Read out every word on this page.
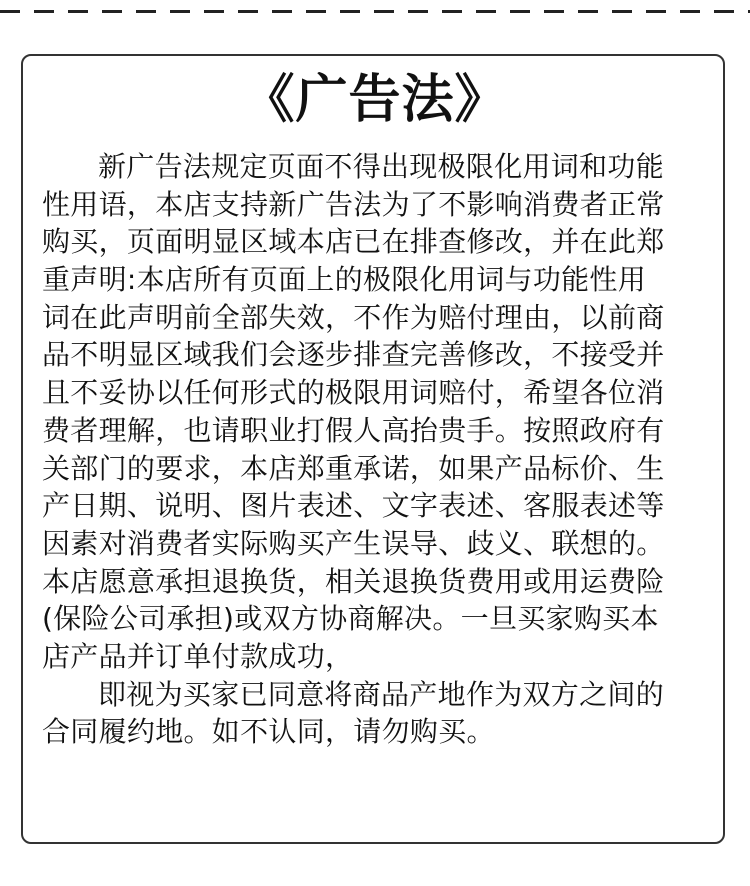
《广告法》
新广告法规定页面不得出现极限化用词和功能
性用语，本店支持新广告法为了不影响消费者正常
购买，页面明显区域本店已在排查修改，并在此郑
重声明:本店所有页面上的极限化用词与功能性用
词在此声明前全部失效，不作为赔付理由，以前商
品不明显区域我们会逐步排查完善修改，不接受并
且不妥协以任何形式的极限用词赔付，希望各位消
费者理解，也请职业打假人高抬贵手。按照政府有
关部门的要求，本店郑重承诺，如果产品标价、生
产日期、说明、图片表述、文字表述、客服表述等
因素对消费者实际购买产生误导、歧义、联想的。
本店愿意承担退换货，相关退换货费用或用运费险
(保险公司承担)或双方协商解决。一旦买家购买本
店产品并订单付款成功，
即视为买家已同意将商品产地作为双方之间的
合同履约地。如不认同，请勿购买。
